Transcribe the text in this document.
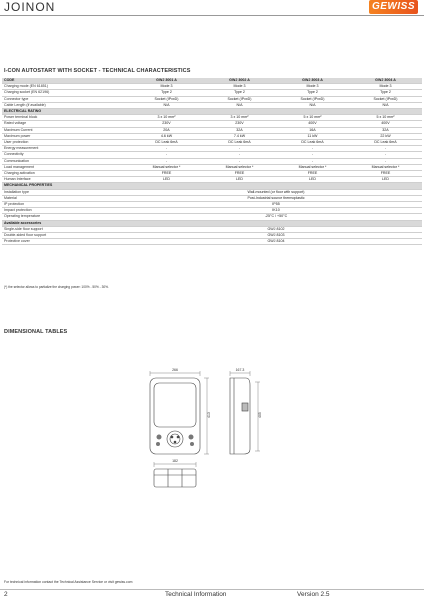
JOINON	GEWISS
I-CON AUTOSTART WITH SOCKET - TECHNICAL CHARACTERISTICS
CODE	GWJ 3001 A	GWJ 3002 A	GWJ 3003 A	GWJ 3004 A
Charging mode (EN 61851)	Mode 3	Mode 3	Mode 3	Mode 3
Charging socket (EN 62196)	Type 2	Type 2	Type 2	Type 2
Connector type	Socket (IPxxD)	Socket (IPxxD)	Socket (IPxxD)	Socket (IPxxD)
Cable Length (if available)	N/A	N/A	N/A	N/A
ELECTRICAL RATING				
Power terminal block	3 x 10 mm²	3 x 10 mm²	5 x 10 mm²	5 x 10 mm²
Rated voltage	230V	230V	400V	400V
Maximum Current	20A	32A	16A	32A
Maximum power	4.6 kW	7.4 kW	11 kW	22 kW
User protection	DC Leak 6mA	DC Leak 6mA	DC Leak 6mA	DC Leak 6mA
Energy measurement	-	-	-	-
Connectivity	-	-	-	-
Communication	-	-	-	-
Load management	Manual selector *	Manual selector *	Manual selector *	Manual selector *
Charging activation	FREE	FREE	FREE	FREE
Human Interface	LED	LED	LED	LED
MECHANICAL PROPERTIES				
Installation type	Wall-mounted (or floor with support)			
Material	Post-Industrial source thermoplastic			
IP protection	IP55			
Impact protection	IK10			
Operating temperature	-25°C / +50°C			
Available accessories				
Single-side floor support	GWJ 8102			
Double-sided floor support	GWJ 8103			
Protective cover	GWJ 8104			
(*) the selector allows to partialize the charging power: 100% - 50% - 30%.
DIMENSIONAL TABLES
266
413
167.3
405
182
For technical information contact the Technical Assistance Service or visit gewiss.com
2	Technical Information	Version 2.5
